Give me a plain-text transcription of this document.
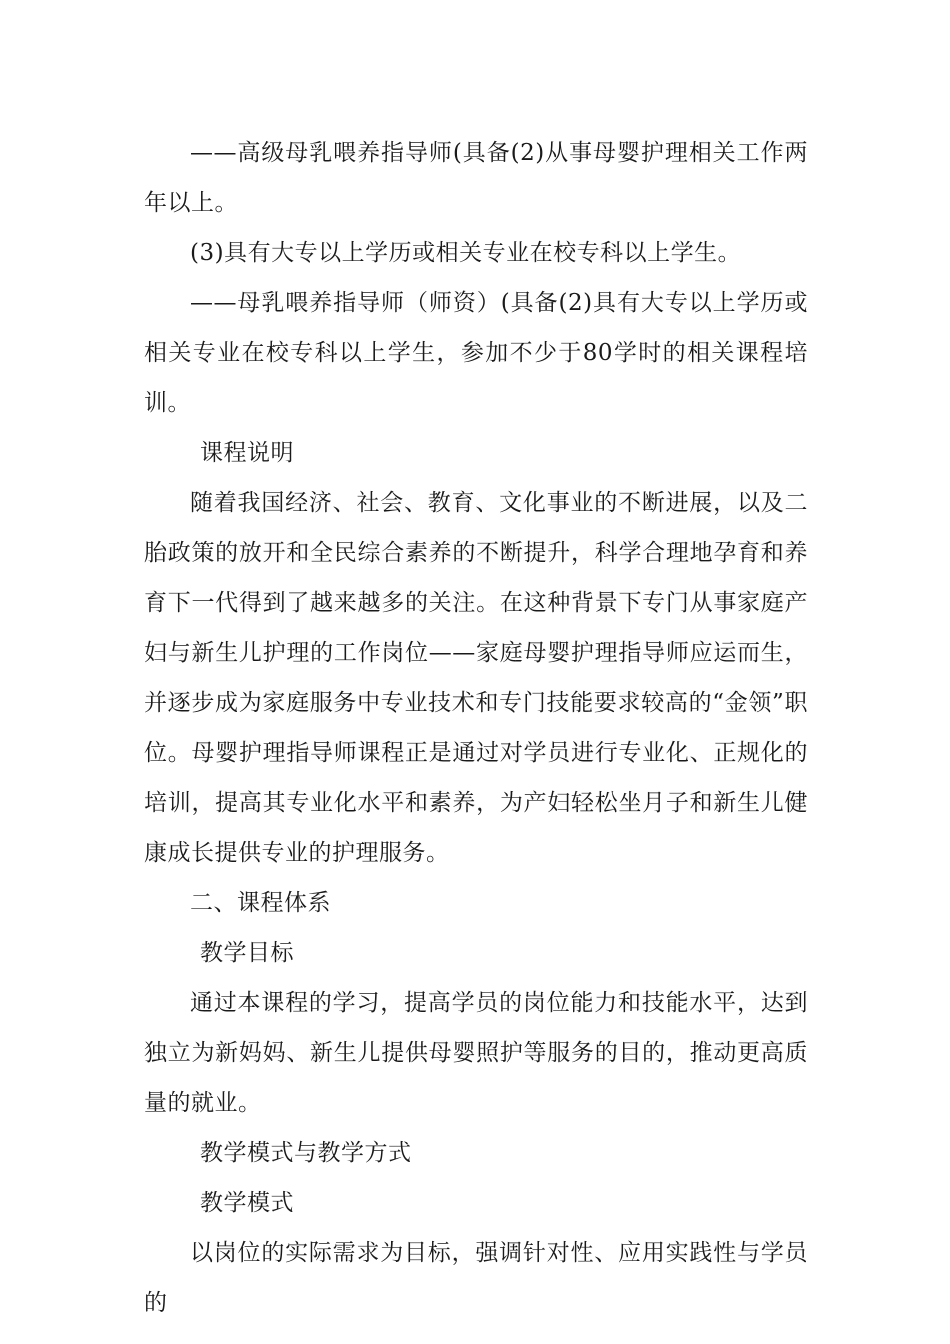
——高级母乳喂养指导师(具备(2)从事母婴护理相关工作两年以上。

(3)具有大专以上学历或相关专业在校专科以上学生。

——母乳喂养指导师（师资）(具备(2)具有大专以上学历或相关专业在校专科以上学生，参加不少于80学时的相关课程培训。

课程说明

随着我国经济、社会、教育、文化事业的不断进展，以及二胎政策的放开和全民综合素养的不断提升，科学合理地孕育和养育下一代得到了越来越多的关注。在这种背景下专门从事家庭产妇与新生儿护理的工作岗位——家庭母婴护理指导师应运而生，并逐步成为家庭服务中专业技术和专门技能要求较高的“金领”职位。母婴护理指导师课程正是通过对学员进行专业化、正规化的培训，提高其专业化水平和素养，为产妇轻松坐月子和新生儿健康成长提供专业的护理服务。

二、课程体系

教学目标

通过本课程的学习，提高学员的岗位能力和技能水平，达到独立为新妈妈、新生儿提供母婴照护等服务的目的，推动更高质量的就业。

教学模式与教学方式

教学模式

以岗位的实际需求为目标，强调针对性、应用实践性与学员的
